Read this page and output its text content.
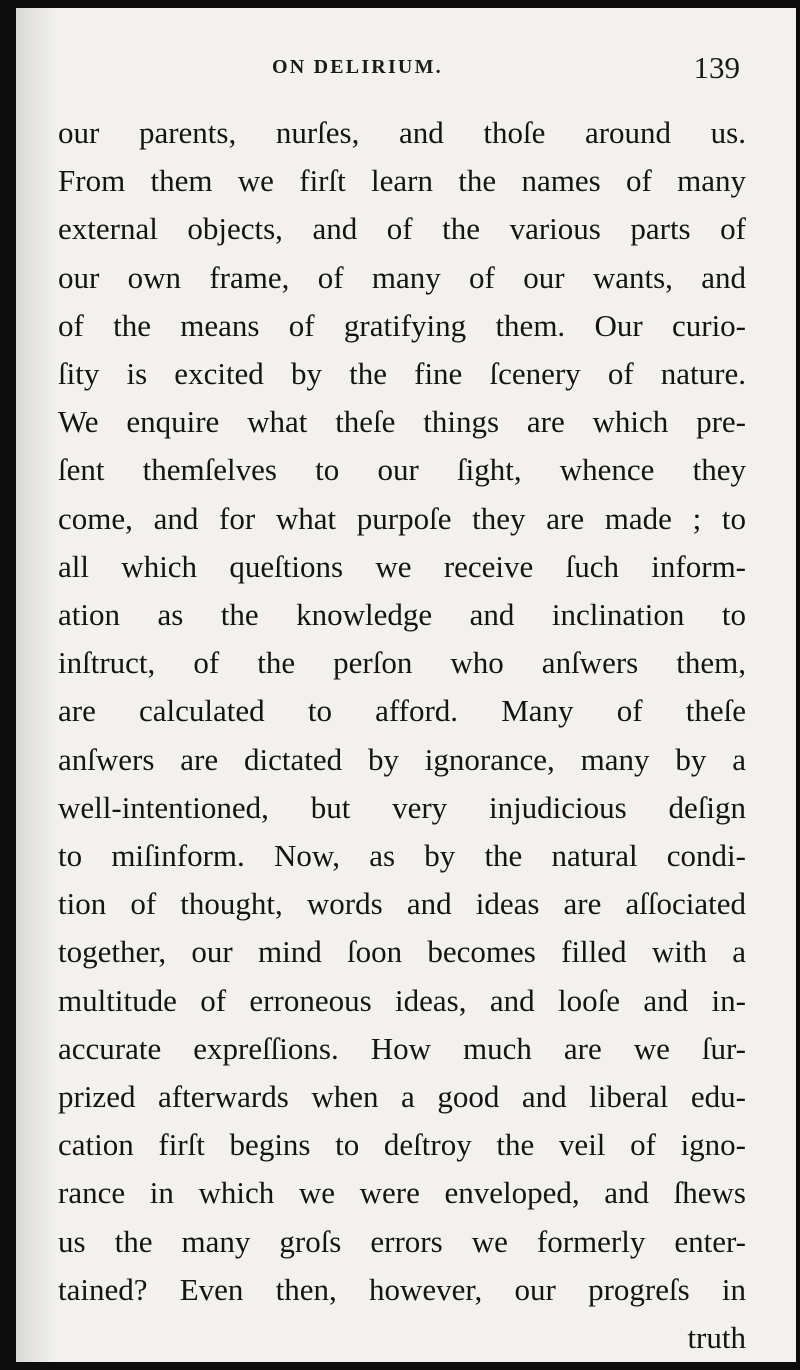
ON DELIRIUM.	139
our parents, nurſes, and thoſe around us.
From them we firſt learn the names of many
external objects, and of the various parts of
our own frame, of many of our wants, and
of the means of gratifying them. Our curio-
ſity is excited by the fine ſcenery of nature.
We enquire what theſe things are which pre-
ſent themſelves to our ſight, whence they
come, and for what purpoſe they are made ; to
all which queſtions we receive ſuch inform-
ation as the knowledge and inclination to
inſtruct, of the perſon who anſwers them,
are calculated to afford. Many of theſe
anſwers are dictated by ignorance, many by a
well-intentioned, but very injudicious deſign
to miſinform. Now, as by the natural condi-
tion of thought, words and ideas are aſſociated
together, our mind ſoon becomes filled with a
multitude of erroneous ideas, and looſe and in-
accurate expreſſions. How much are we ſur-
prized afterwards when a good and liberal edu-
cation firſt begins to deſtroy the veil of igno-
rance in which we were enveloped, and ſhews
us the many groſs errors we formerly enter-
tained? Even then, however, our progreſs in
truth
